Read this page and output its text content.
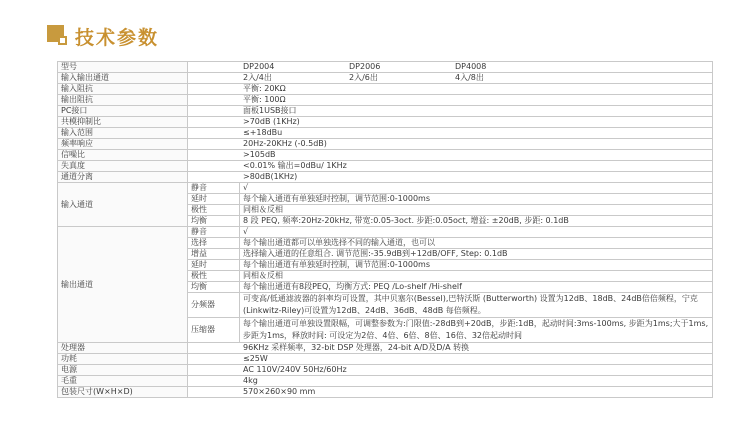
技术参数
型号	DP2004 DP2006 DP4008	

输入输出通道	2入/4出 2入/6出 4入/8出	

输入阻抗	平衡: 20KΩ	
输出阻抗	平衡: 100Ω	
PC接口	面板1USB接口	
共模抑制比	>70dB (1KHz)	
输入范围	≤+18dBu	
频率响应	20Hz-20KHz (-0.5dB)	
信噪比	>105dB	
失真度	<0.01% 输出=0dBu/ 1KHz	
通道分离	>80dB(1KHz)	
输入通道	静音	√
	延时	每个输入通道有单独延时控制，调节范围:0-1000ms
	极性	同相＆反相
	均衡	8 段 PEQ, 频率:20Hz-20kHz, 带宽:0.05-3oct. 步距:0.05oct, 增益: ±20dB, 步距: 0.1dB
输出通道	静音	√
	选择	每个输出通道都可以单独选择不同的输入通道，也可以
	增益	选择输入通道的任意组合. 调节范围:-35.9dB到+12dB/OFF, Step: 0.1dB
	延时	每个输出通道有单独延时控制，调节范围:0-1000ms
	极性	同相＆反相
	均衡	每个输出通道有8段PEQ，均衡方式: PEQ /Lo-shelf /Hi-shelf
	分频器	可变高/低通滤波器的斜率均可设置，其中贝塞尔(Bessel),巴特沃斯 (Butterworth) 设置为12dB、18dB、24dB倍倍频程，宁克(Linkwitz-Riley)可设置为12dB、24dB、36dB、48dB 每倍频程。
	压缩器	每个输出通道可单独设置限幅，可调整参数为:门限值:-28dB到+20dB，步距:1dB，起动时间:3ms-100ms, 步距为1ms;大于1ms, 步距为1ms，释放时间: 可设定为2倍、4倍、6倍、8倍、16倍、32倍起动时间
处理器	96KHz 采样频率，32-bit DSP 处理器，24-bit A/D及D/A 转换	
功耗	≤25W	
电源	AC 110V/240V 50Hz/60Hz	
毛重	4kg	
包装尺寸(W×H×D)	570×260×90 mm	
